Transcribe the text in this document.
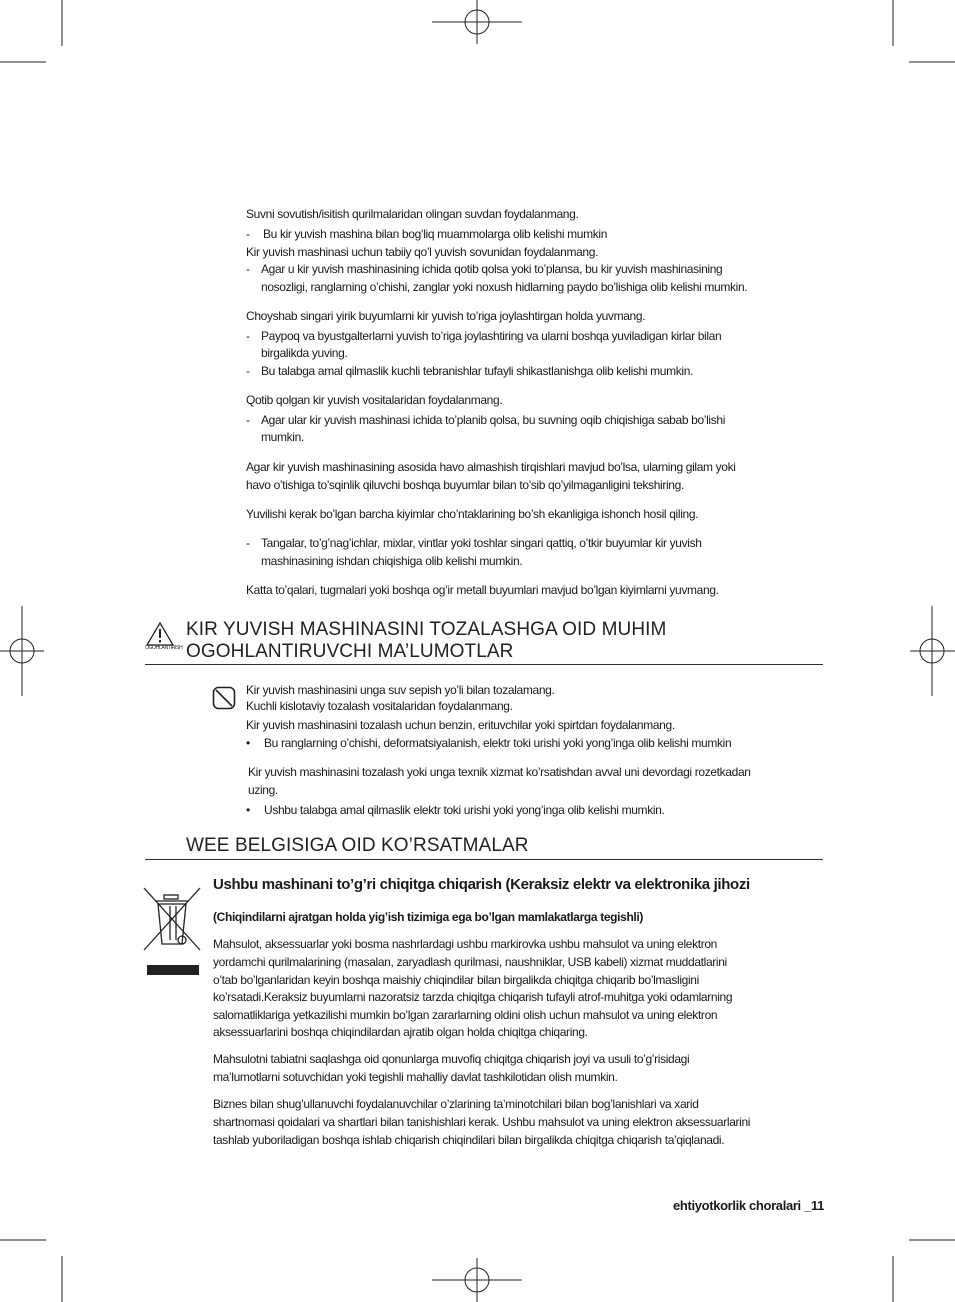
Suvni sovutish/isitish qurilmalaridan olingan suvdan foydalanmang.
- Bu kir yuvish mashina bilan bog’liq muammolarga olib kelishi mumkin
Kir yuvish mashinasi uchun tabiiy qo’l yuvish sovunidan foydalanmang.
- Agar u kir yuvish mashinasining ichida qotib qolsa yoki to’plansa, bu kir yuvish mashinasining
nosozligi, ranglarning o’chishi, zanglar yoki noxush hidlarning paydo bo’lishiga olib kelishi mumkin.
Choyshab singari yirik buyumlarni kir yuvish to’riga joylashtirgan holda yuvmang.
- Paypoq va byustgalterlarni yuvish to’riga joylashtiring va ularni boshqa yuviladigan kirlar bilan
birgalikda yuving.
- Bu talabga amal qilmaslik kuchli tebranishlar tufayli shikastlanishga olib kelishi mumkin.
Qotib qolgan kir yuvish vositalaridan foydalanmang.
- Agar ular kir yuvish mashinasi ichida to’planib qolsa, bu suvning oqib chiqishiga sabab bo’lishi
mumkin.
Agar kir yuvish mashinasining asosida havo almashish tirqishlari mavjud bo’lsa, ularning gilam yoki
havo o’tishiga to’sqinlik qiluvchi boshqa buyumlar bilan to’sib qo’yilmaganligini tekshiring.
Yuvilishi kerak bo’lgan barcha kiyimlar cho’ntaklarining bo’sh ekanligiga ishonch hosil qiling.
- Tangalar, to’g’nag’ichlar, mixlar, vintlar yoki toshlar singari qattiq, o’tkir buyumlar kir yuvish
mashinasining ishdan chiqishiga olib kelishi mumkin.
Katta to’qalari, tugmalari yoki boshqa og’ir metall buyumlari mavjud bo’lgan kiyimlarni yuvmang.
OGOHLANTIRISH
KIR YUVISH MASHINASINI TOZALASHGA OID MUHIM
OGOHLANTIRUVCHI MA’LUMOTLAR
Kir yuvish mashinasini unga suv sepish yo’li bilan tozalamang.
Kuchli kislotaviy tozalash vositalaridan foydalanmang.
Kir yuvish mashinasini tozalash uchun benzin, erituvchilar yoki spirtdan foydalanmang.
• Bu ranglarning o’chishi, deformatsiyalanish, elektr toki urishi yoki yong’inga olib kelishi mumkin
Kir yuvish mashinasini tozalash yoki unga texnik xizmat ko’rsatishdan avval uni devordagi rozetkadan
uzing.
• Ushbu talabga amal qilmaslik elektr toki urishi yoki yong’inga olib kelishi mumkin.
WEE BELGISIGA OID KO’RSATMALAR
Ushbu mashinani to’g’ri chiqitga chiqarish (Keraksiz elektr va elektronika jihozi
(Chiqindilarni ajratgan holda yig’ish tizimiga ega bo’lgan mamlakatlarga tegishli)
Mahsulot, aksessuarlar yoki bosma nashrlardagi ushbu markirovka ushbu mahsulot va uning elektron
yordamchi qurilmalarining (masalan, zaryadlash qurilmasi, naushniklar, USB kabeli) xizmat muddatlarini
o’tab bo’lganlaridan keyin boshqa maishiy chiqindilar bilan birgalikda chiqitga chiqarib bo’lmasligini
ko’rsatadi.Keraksiz buyumlarni nazoratsiz tarzda chiqitga chiqarish tufayli atrof-muhitga yoki odamlarning
salomatliklariga yetkazilishi mumkin bo’lgan zararlarning oldini olish uchun mahsulot va uning elektron
aksessuarlarini boshqa chiqindilardan ajratib olgan holda chiqitga chiqaring.
Mahsulotni tabiatni saqlashga oid qonunlarga muvofiq chiqitga chiqarish joyi va usuli to’g’risidagi
ma’lumotlarni sotuvchidan yoki tegishli mahalliy davlat tashkilotidan olish mumkin.
Biznes bilan shug’ullanuvchi foydalanuvchilar o’zlarining ta’minotchilari bilan bog’lanishlari va xarid
shartnomasi qoidalari va shartlari bilan tanishishlari kerak. Ushbu mahsulot va uning elektron aksessuarlarini
tashlab yuboriladigan boshqa ishlab chiqarish chiqindilari bilan birgalikda chiqitga chiqarish ta’qiqlanadi.
ehtiyotkorlik choralari _11
